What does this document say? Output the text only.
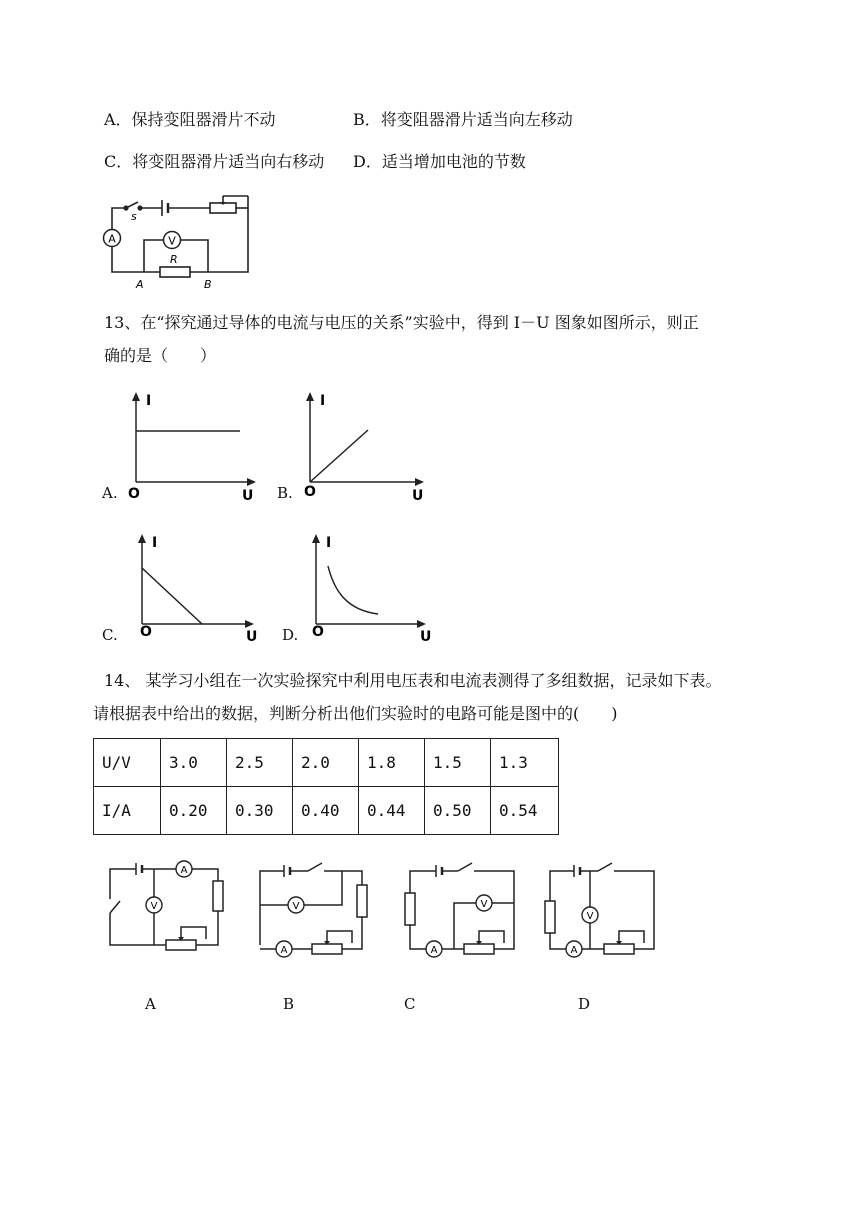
A．保持变阻器滑片不动	B．将变阻器滑片适当向左移动
C．将变阻器滑片适当向右移动 D．适当增加电池的节数
A	V
s
R
A	B
13、在“探究通过导体的电流与电压的关系”实验中，得到 I－U 图象如图所示，则正
确的是（　　）
A.
I
U
O	B.
I
U
O
C.
I
U
O	D.
I
U
O
14、 某学习小组在一次实验探究中利用电压表和电流表测得了多组数据，记录如下表。
请根据表中给出的数据，判断分析出他们实验时的电路可能是图中的(　　)
U/V	3.0	2.5	2.0	1.8	1.5	1.3
I/A	0.20	0.30	0.40	0.44	0.50	0.54
A
V	V
A
V
A
V
A
A	B	C	D
